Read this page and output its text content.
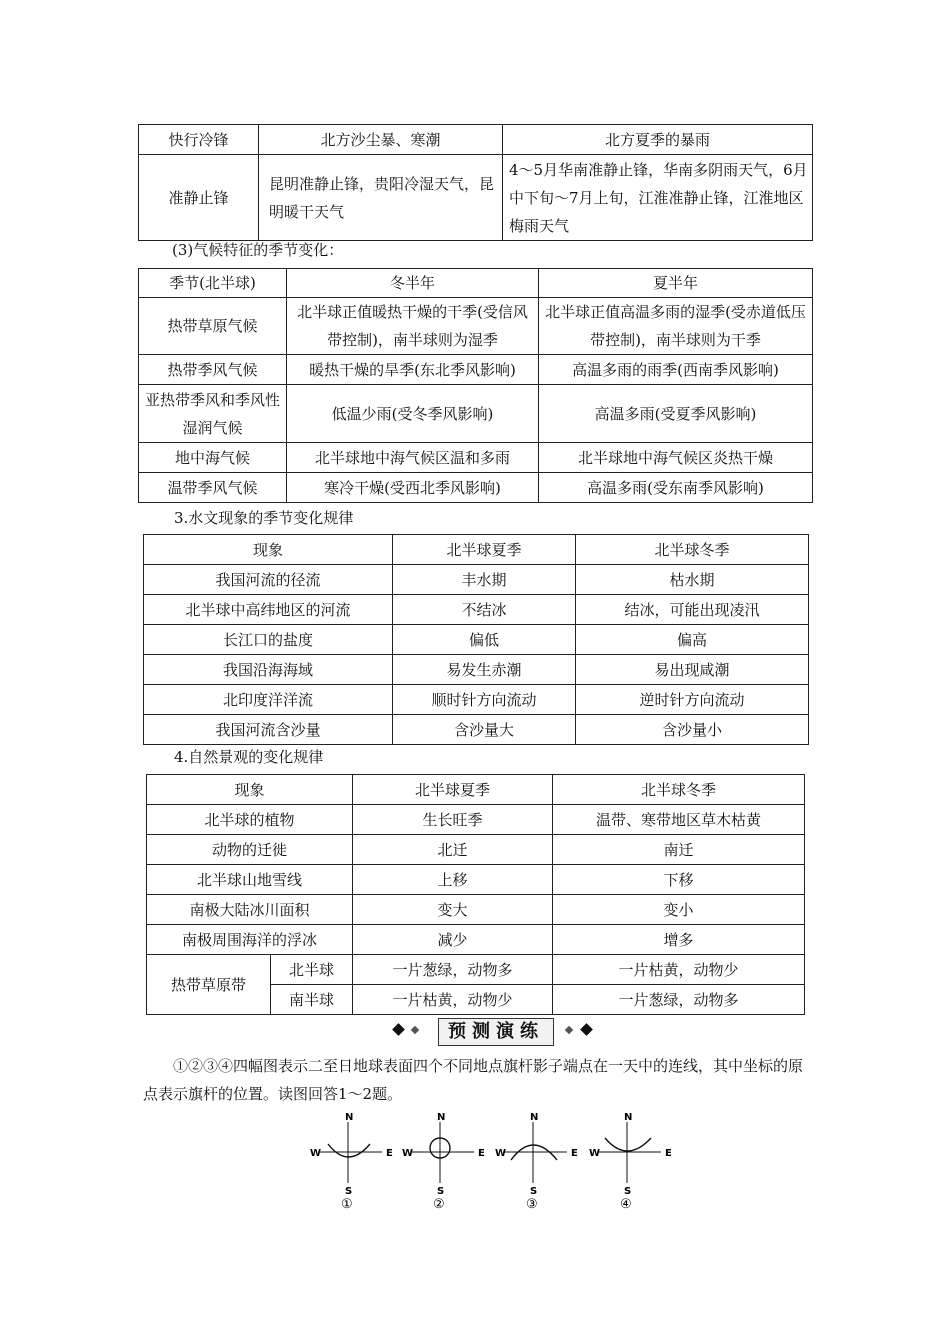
快行冷锋	北方沙尘暴、寒潮	北方夏季的暴雨
准静止锋	昆明准静止锋，贵阳冷湿天气，昆明暖干天气	4～5月华南准静止锋，华南多阴雨天气，6月中下旬～7月上旬，江淮准静止锋，江淮地区梅雨天气
(3)气候特征的季节变化：
季节(北半球)	冬半年	夏半年
热带草原气候	北半球正值暖热干燥的干季(受信风带控制)，南半球则为湿季	北半球正值高温多雨的湿季(受赤道低压带控制)，南半球则为干季
热带季风气候	暖热干燥的旱季(东北季风影响)	高温多雨的雨季(西南季风影响)
亚热带季风和季风性湿润气候	低温少雨(受冬季风影响)	高温多雨(受夏季风影响)
地中海气候	北半球地中海气候区温和多雨	北半球地中海气候区炎热干燥
温带季风气候	寒冷干燥(受西北季风影响)	高温多雨(受东南季风影响)
3.水文现象的季节变化规律
现象	北半球夏季	北半球冬季
我国河流的径流	丰水期	枯水期
北半球中高纬地区的河流	不结冰	结冰，可能出现凌汛
长江口的盐度	偏低	偏高
我国沿海海域	易发生赤潮	易出现咸潮
北印度洋洋流	顺时针方向流动	逆时针方向流动
我国河流含沙量	含沙量大	含沙量小
4.自然景观的变化规律
现象		北半球夏季	北半球冬季
北半球的植物		生长旺季	温带、寒带地区草木枯黄
动物的迁徙		北迁	南迁
北半球山地雪线		上移	下移
南极大陆冰川面积		变大	变小
南极周围海洋的浮冰		减少	增多
热带草原带	北半球	一片葱绿，动物多	一片枯黄，动物少
	南半球	一片枯黄，动物少	一片葱绿，动物多
预测演练
①②③④四幅图表示二至日地球表面四个不同地点旗杆影子端点在一天中的连线，其中坐标的原点表示旗杆的位置。读图回答1～2题。
N
S
W	E
①
N
S
W	E
②
N
S
W	E
③
N
S
W	E
④
